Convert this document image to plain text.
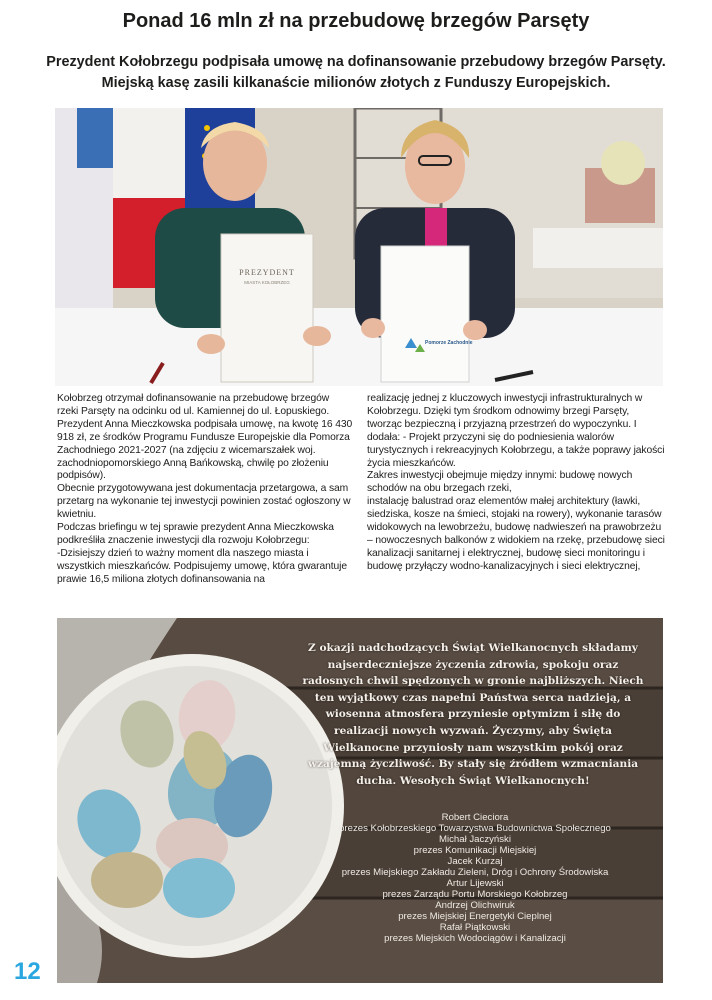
Ponad 16 mln zł na przebudowę brzegów Parsęty
Prezydent Kołobrzegu podpisała umowę na dofinansowanie przebudowy brzegów Parsęty. Miejską kasę zasili kilkanaście milionów złotych z Funduszy Europejskich.
PREZYDENT
MIASTA KOŁOBRZEG
Pomorze Zachodnie

Kołobrzeg otrzymał dofinansowanie na przebudowę brzegów rzeki Parsęty na odcinku od ul. Kamiennej do ul. Łopuskiego. Prezydent Anna Mieczkowska podpisała umowę, na kwotę 16 430 918 zł, ze środków Programu Fundusze Europejskie dla Pomorza Zachodniego 2021-2027 (na zdjęciu z wicemarszałek woj. zachodniopomorskiego Anną Bańkowską, chwilę po złożeniu podpisów).

Obecnie przygotowywana jest dokumentacja przetargowa, a sam przetarg na wykonanie tej inwestycji powinien zostać ogłoszony w kwietniu.

Podczas briefingu w tej sprawie prezydent Anna Mieczkowska podkreśliła znaczenie inwestycji dla rozwoju Kołobrzegu:

-Dzisiejszy dzień to ważny moment dla naszego miasta i wszystkich mieszkańców. Podpisujemy umowę, która gwarantuje prawie 16,5 miliona złotych dofinansowania na

realizację jednej z kluczowych inwestycji infrastrukturalnych w Kołobrzegu. Dzięki tym środkom odnowimy brzegi Parsęty, tworząc bezpieczną i przyjazną przestrzeń do wypoczynku. I dodała: - Projekt przyczyni się do podniesienia walorów turystycznych i rekreacyjnych Kołobrzegu, a także poprawy jakości życia mieszkańców.

Zakres inwestycji obejmuje między innymi: budowę nowych schodów na obu brzegach rzeki,

instalację balustrad oraz elementów małej architektury (ławki, siedziska, kosze na śmieci, stojaki na rowery), wykonanie tarasów widokowych na lewobrzeżu, budowę nadwieszeń na prawobrzeżu – nowoczesnych balkonów z widokiem na rzekę, przebudowę sieci kanalizacji sanitarnej i elektrycznej, budowę sieci monitoringu i budowę przyłączy wodno-kanalizacyjnych i sieci elektrycznej,

Z okazji nadchodzących Świąt Wielkanocnych składamy najserdeczniejsze życzenia zdrowia, spokoju oraz radosnych chwil spędzonych w gronie najbliższych. Niech ten wyjątkowy czas napełni Państwa serca nadzieją, a wiosenna atmosfera przyniesie optymizm i siłę do realizacji nowych wyzwań. Życzymy, aby Święta Wielkanocne przyniosły nam wszystkim pokój oraz wzajemną życzliwość. By stały się źródłem wzmacniania ducha. Wesołych Świąt Wielkanocnych!

Robert Cieciora

prezes Kołobrzeskiego Towarzystwa Budownictwa Społecznego

Michał Jaczyński

prezes Komunikacji Miejskiej

Jacek Kurzaj

prezes Miejskiego Zakładu Zieleni, Dróg i Ochrony Środowiska

Artur Lijewski

prezes Zarządu Portu Morskiego Kołobrzeg

Andrzej Olichwiruk

prezes Miejskiej Energetyki Cieplnej

Rafał Piątkowski

prezes Miejskich Wodociągów i Kanalizacji

12
